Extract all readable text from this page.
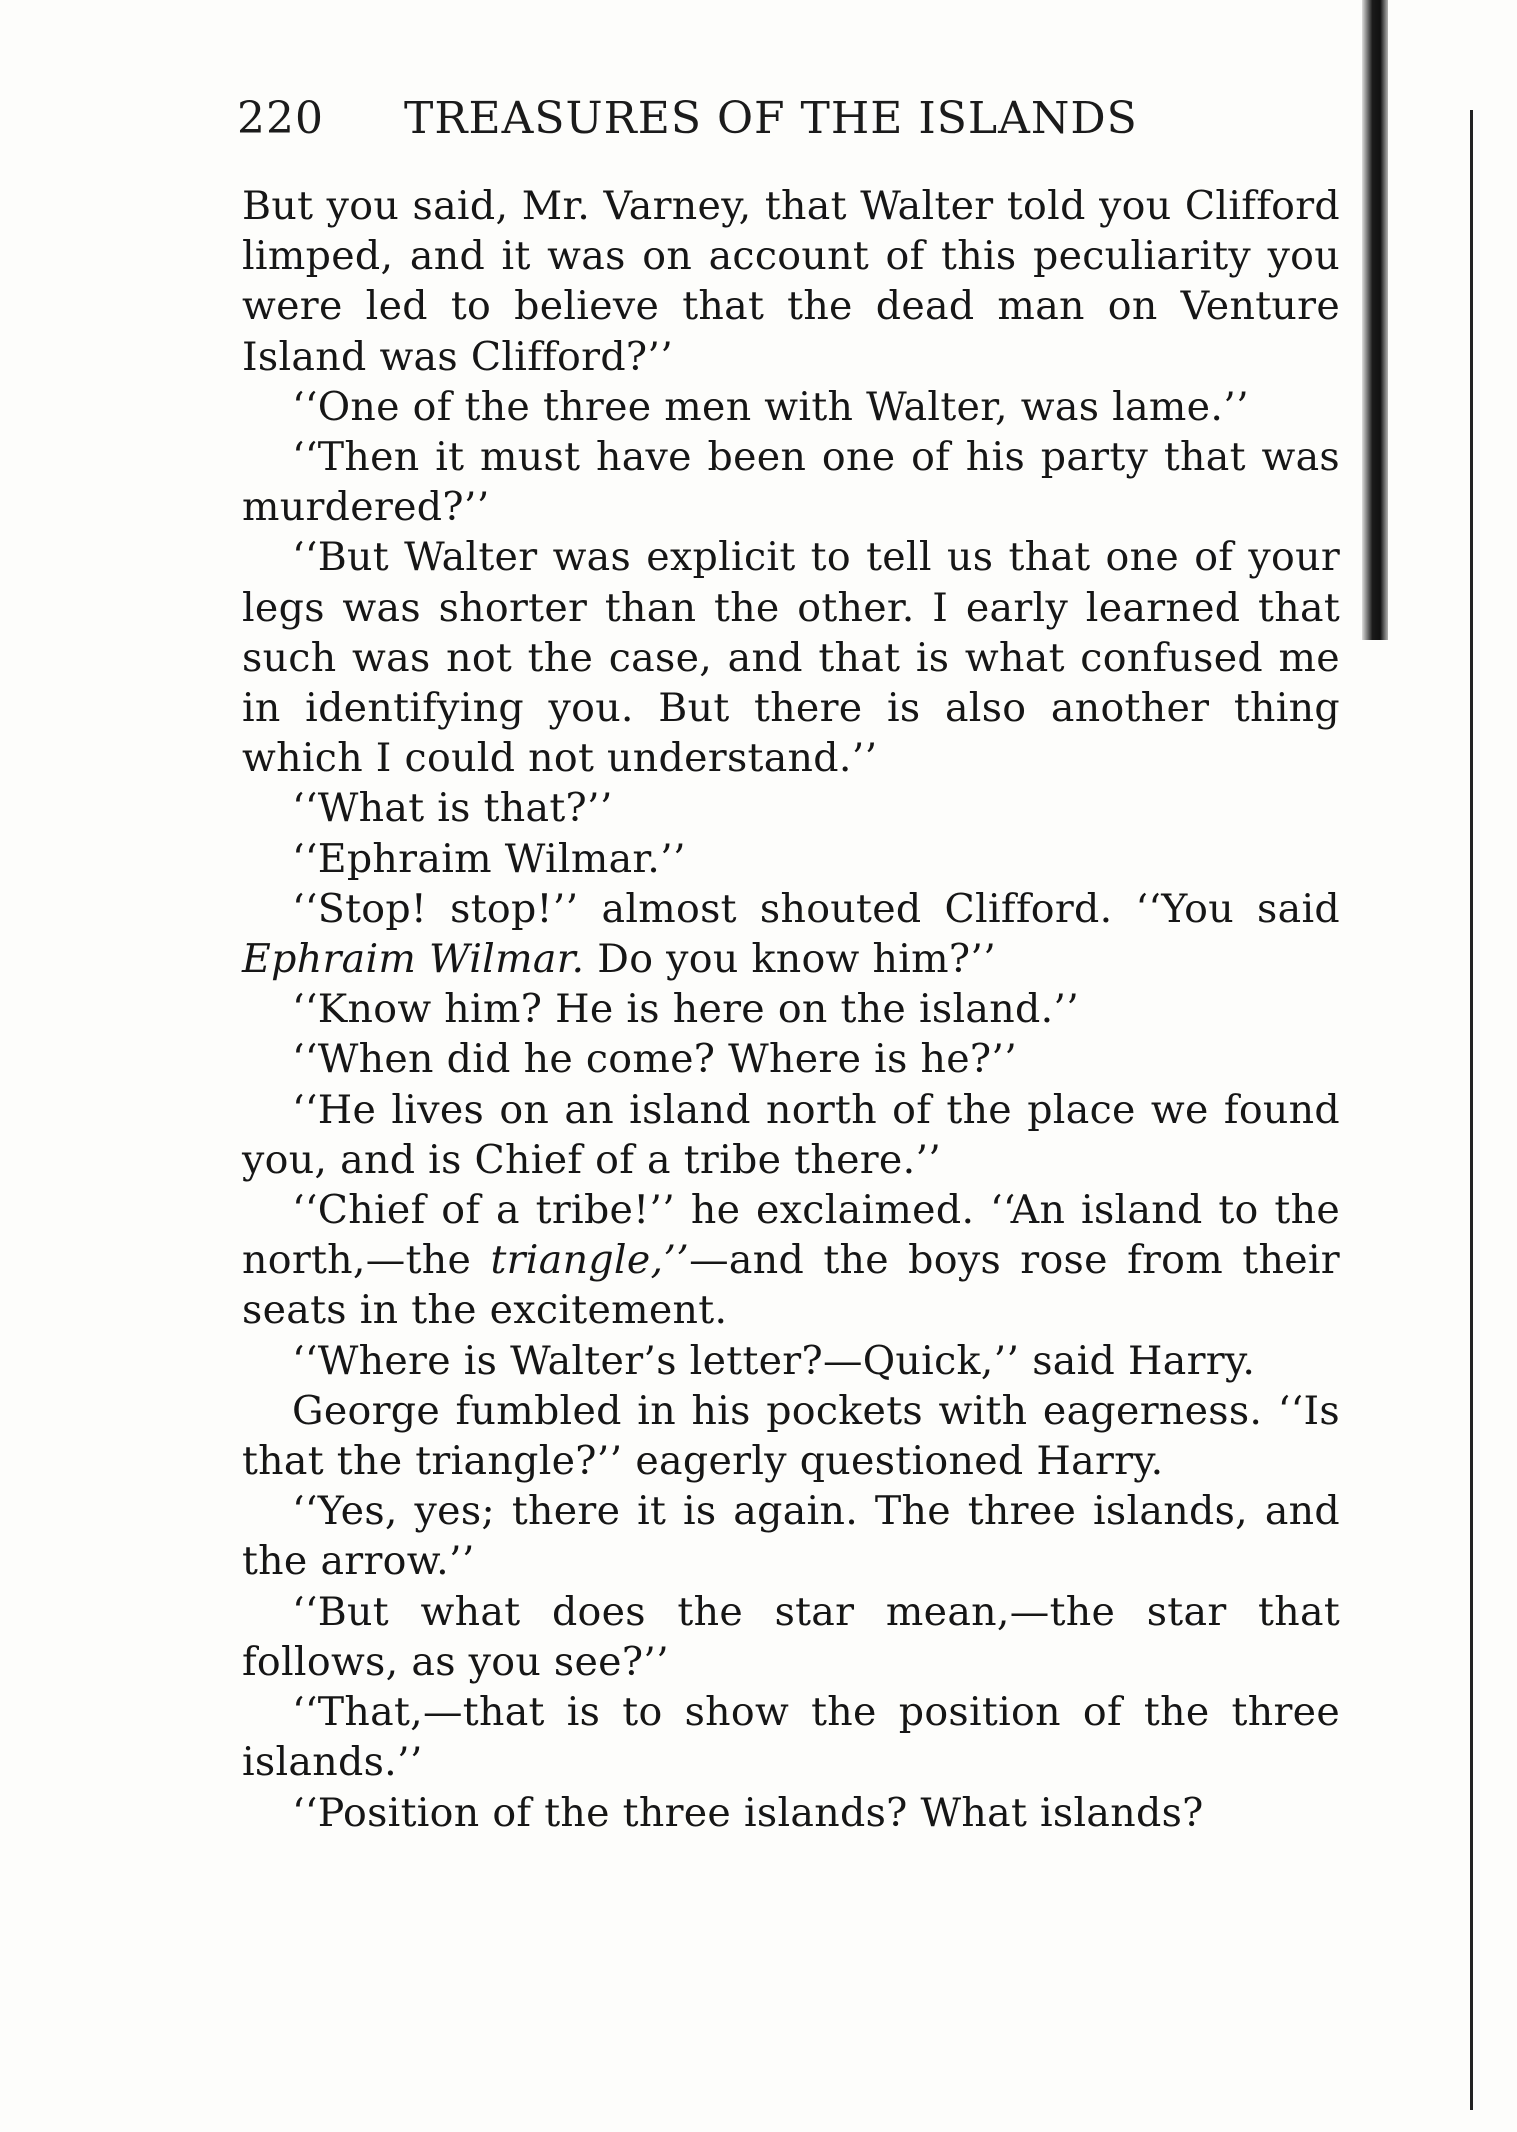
220 TREASURES OF THE ISLANDS

But you said, Mr. Varney, that Walter told you Clifford limped, and it was on account of this peculiarity you were led to believe that the dead man on Venture Island was Clifford?’’

‘‘One of the three men with Walter, was lame.’’

‘‘Then it must have been one of his party that was murdered?’’

‘‘But Walter was explicit to tell us that one of your legs was shorter than the other. I early learned that such was not the case, and that is what confused me in identifying you. But there is also another thing which I could not understand.’’

‘‘What is that?’’

‘‘Ephraim Wilmar.’’

‘‘Stop! stop!’’ almost shouted Clifford. ‘‘You said Ephraim Wilmar. Do you know him?’’

‘‘Know him? He is here on the island.’’

‘‘When did he come? Where is he?’’

‘‘He lives on an island north of the place we found you, and is Chief of a tribe there.’’

‘‘Chief of a tribe!’’ he exclaimed. ‘‘An island to the north,—the triangle,’’—and the boys rose from their seats in the excitement.

‘‘Where is Walter’s letter?—Quick,’’ said Harry.

George fumbled in his pockets with eagerness. ‘‘Is that the triangle?’’ eagerly questioned Harry.

‘‘Yes, yes; there it is again. The three islands, and the arrow.’’

‘‘But what does the star mean,—the star that follows, as you see?’’

‘‘That,—that is to show the position of the three islands.’’

‘‘Position of the three islands? What islands?
